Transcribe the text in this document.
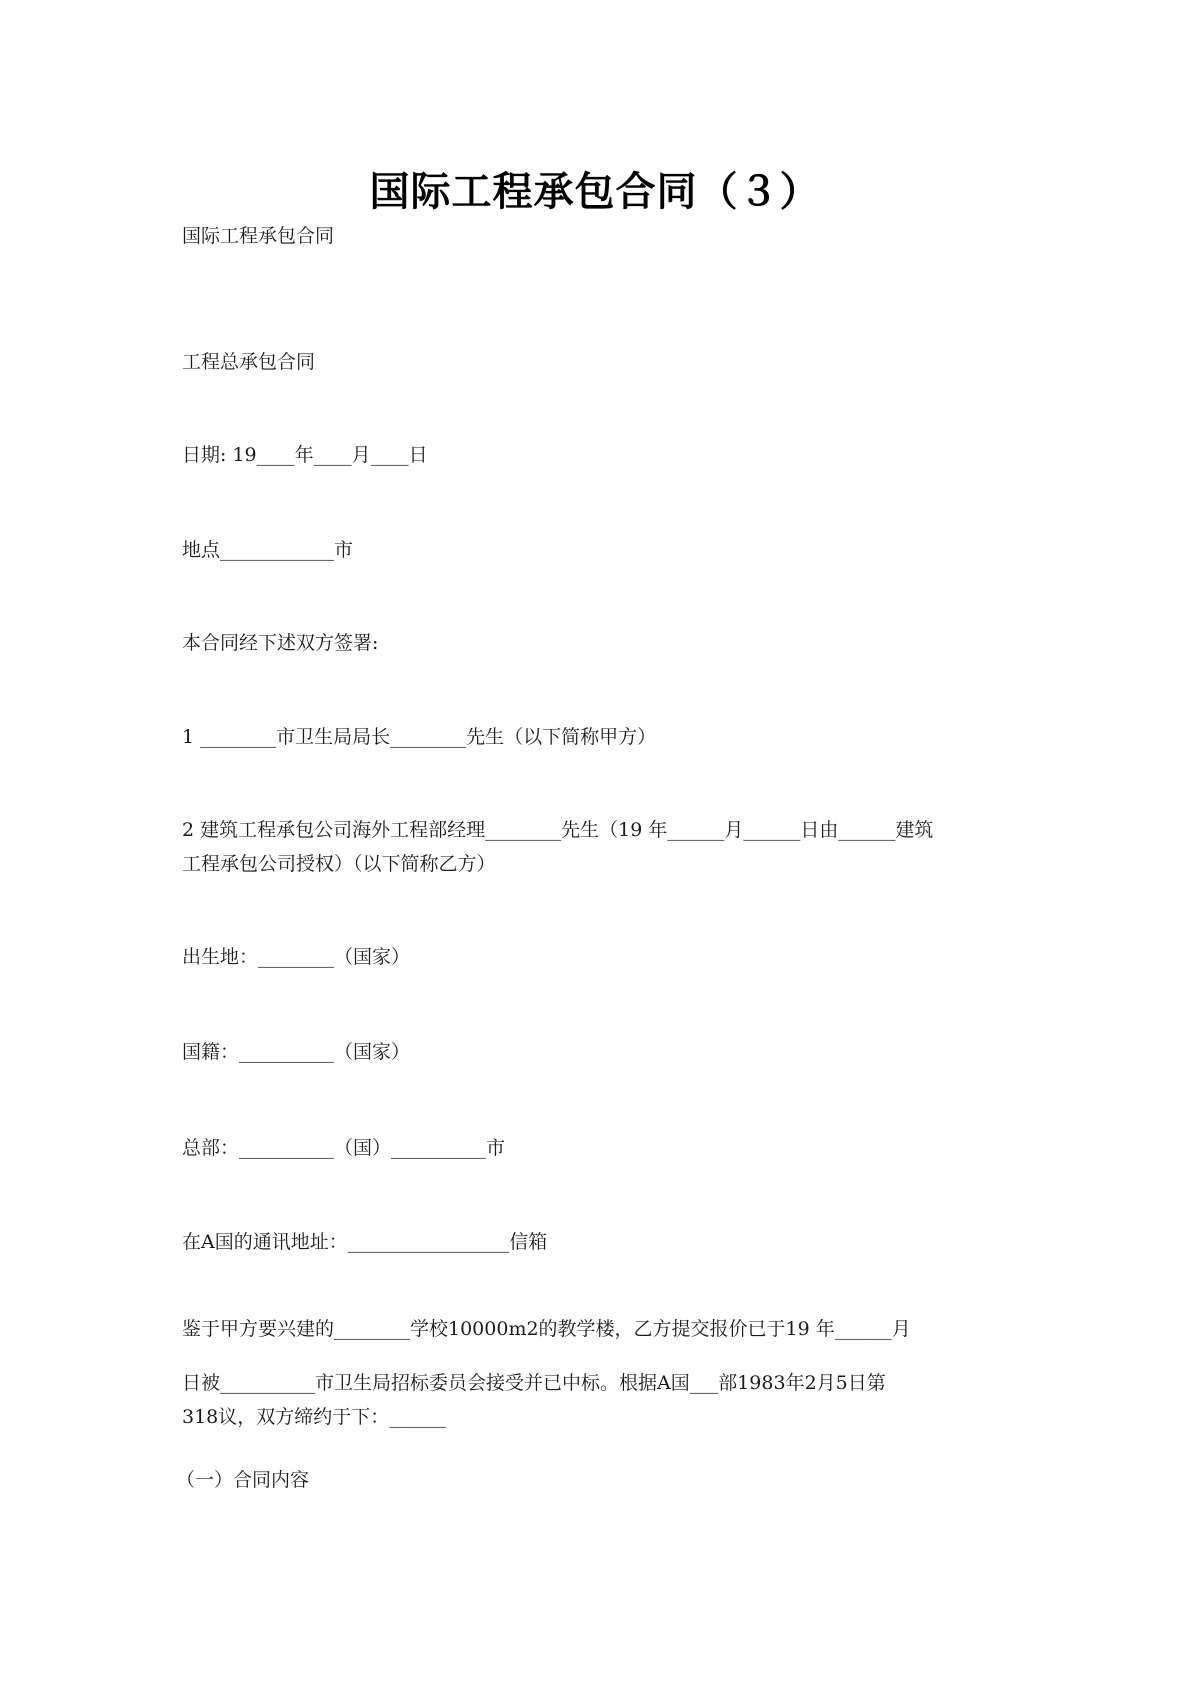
国际工程承包合同（３）
国际工程承包合同
工程总承包合同
日期: 19____年____月____日
地点____________市
本合同经下述双方签署:
1 ________市卫生局局长________先生（以下简称甲方）
2 建筑工程承包公司海外工程部经理________先生（19 年______月______日由______建筑
工程承包公司授权）（以下简称乙方）
出生地：________（国家）
国籍：__________（国家）
总部：__________（国）__________市
在A国的通讯地址：_________________信箱
鉴于甲方要兴建的________学校10000m2的教学楼，乙方提交报价已于19 年______月
日被__________市卫生局招标委员会接受并已中标。根据A国___部1983年2月5日第
318议，双方缔约于下：______
（一）合同内容
